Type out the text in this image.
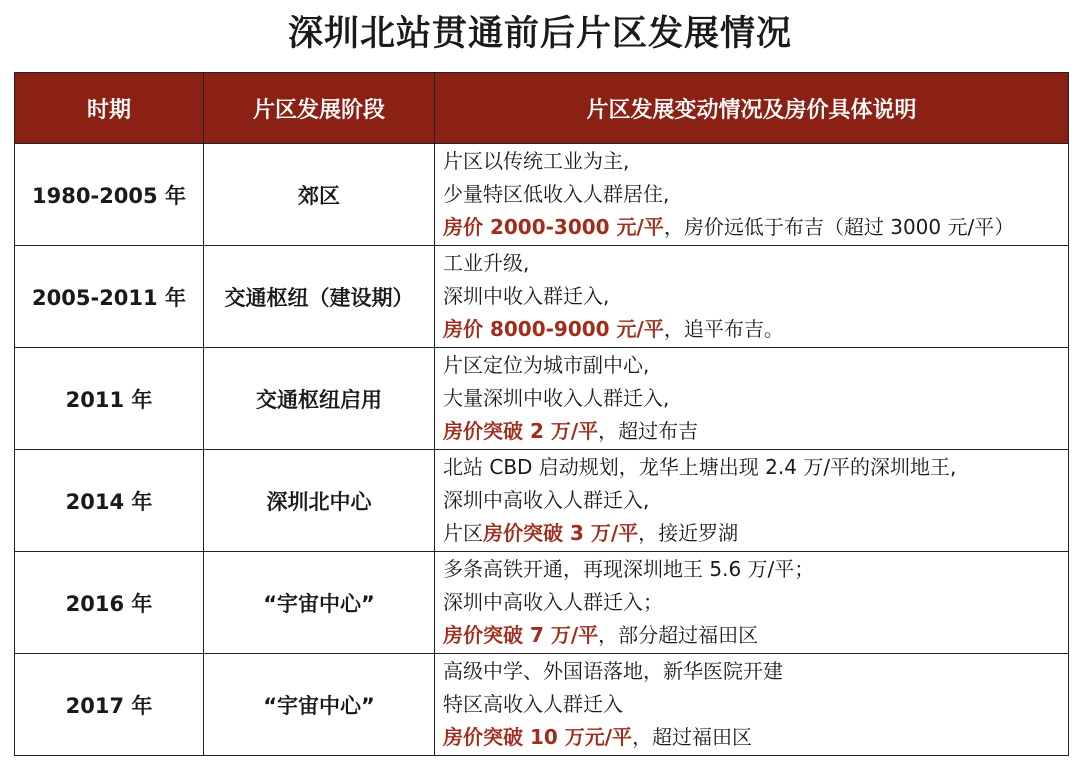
深圳北站贯通前后片区发展情况
时期	片区发展阶段	片区发展变动情况及房价具体说明
1980-2005 年	郊区	片区以传统工业为主,
少量特区低收入人群居住,
房价 2000-3000 元/平，房价远低于布吉（超过 3000 元/平）

2005-2011 年	交通枢纽（建设期）	工业升级,
深圳中收入群迁入,
房价 8000-9000 元/平，追平布吉。

2011 年	交通枢纽启用	片区定位为城市副中心,
大量深圳中收入人群迁入,
房价突破 2 万/平，超过布吉

2014 年	深圳北中心	北站 CBD 启动规划，龙华上塘出现 2.4 万/平的深圳地王,
深圳中高收入人群迁入,
片区房价突破 3 万/平，接近罗湖

2016 年	“宇宙中心”	多条高铁开通，再现深圳地王 5.6 万/平；
深圳中高收入人群迁入；
房价突破 7 万/平，部分超过福田区

2017 年	“宇宙中心”	高级中学、外国语落地，新华医院开建
特区高收入人群迁入
房价突破 10 万元/平，超过福田区
